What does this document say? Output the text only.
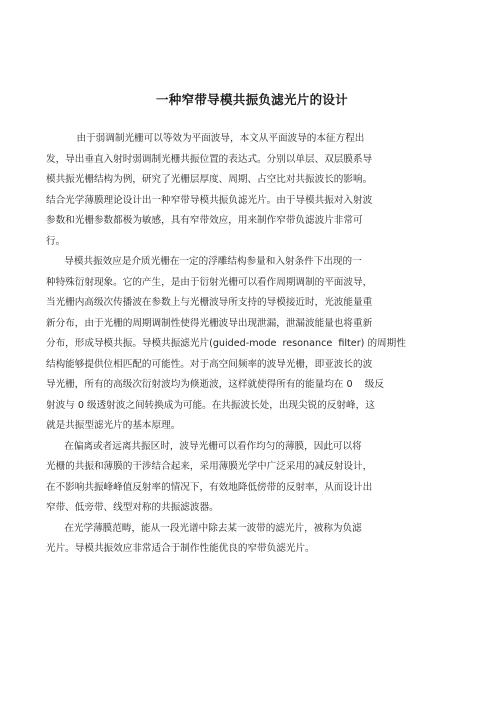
一种窄带导模共振负滤光片的设计
由于弱调制光栅可以等效为平面波导，本文从平面波导的本征方程出
发，导出垂直入射时弱调制光栅共振位置的表达式。分别以单层、双层膜系导
模共振光栅结构为例，研究了光栅层厚度、周期、占空比对共振波长的影响。
结合光学薄膜理论设计出一种窄带导模共振负滤光片。由于导模共振对入射波
参数和光栅参数都极为敏感，具有窄带效应，用来制作窄带负滤波片非常可
行。
导模共振效应是介质光栅在一定的浮雕结构参量和入射条件下出现的一
种特殊衍射现象。它的产生，是由于衍射光栅可以看作周期调制的平面波导，
当光栅内高级次传播波在参数上与光栅波导所支持的导模接近时，光波能量重
新分布，由于光栅的周期调制性使得光栅波导出现泄漏，泄漏波能量也将重新
分布，形成导模共振。导模共振滤光片(guided-mode  resonance  filter) 的周期性
结构能够提供位相匹配的可能性。对于高空间频率的波导光栅，即亚波长的波
导光栅，所有的高级次衍射波均为倏逝波，这样就使得所有的能量均在 0    级反
射波与 0 级透射波之间转换成为可能。在共振波长处，出现尖锐的反射峰，这
就是共振型滤光片的基本原理。
在偏离或者远离共振区时，波导光栅可以看作均匀的薄膜，因此可以将
光栅的共振和薄膜的干涉结合起来，采用薄膜光学中广泛采用的减反射设计，
在不影响共振峰峰值反射率的情况下，有效地降低傍带的反射率，从而设计出
窄带、低旁带、线型对称的共振滤波器。
在光学薄膜范畴，能从一段光谱中除去某一波带的滤光片，被称为负滤
光片。导模共振效应非常适合于制作性能优良的窄带负滤光片。
